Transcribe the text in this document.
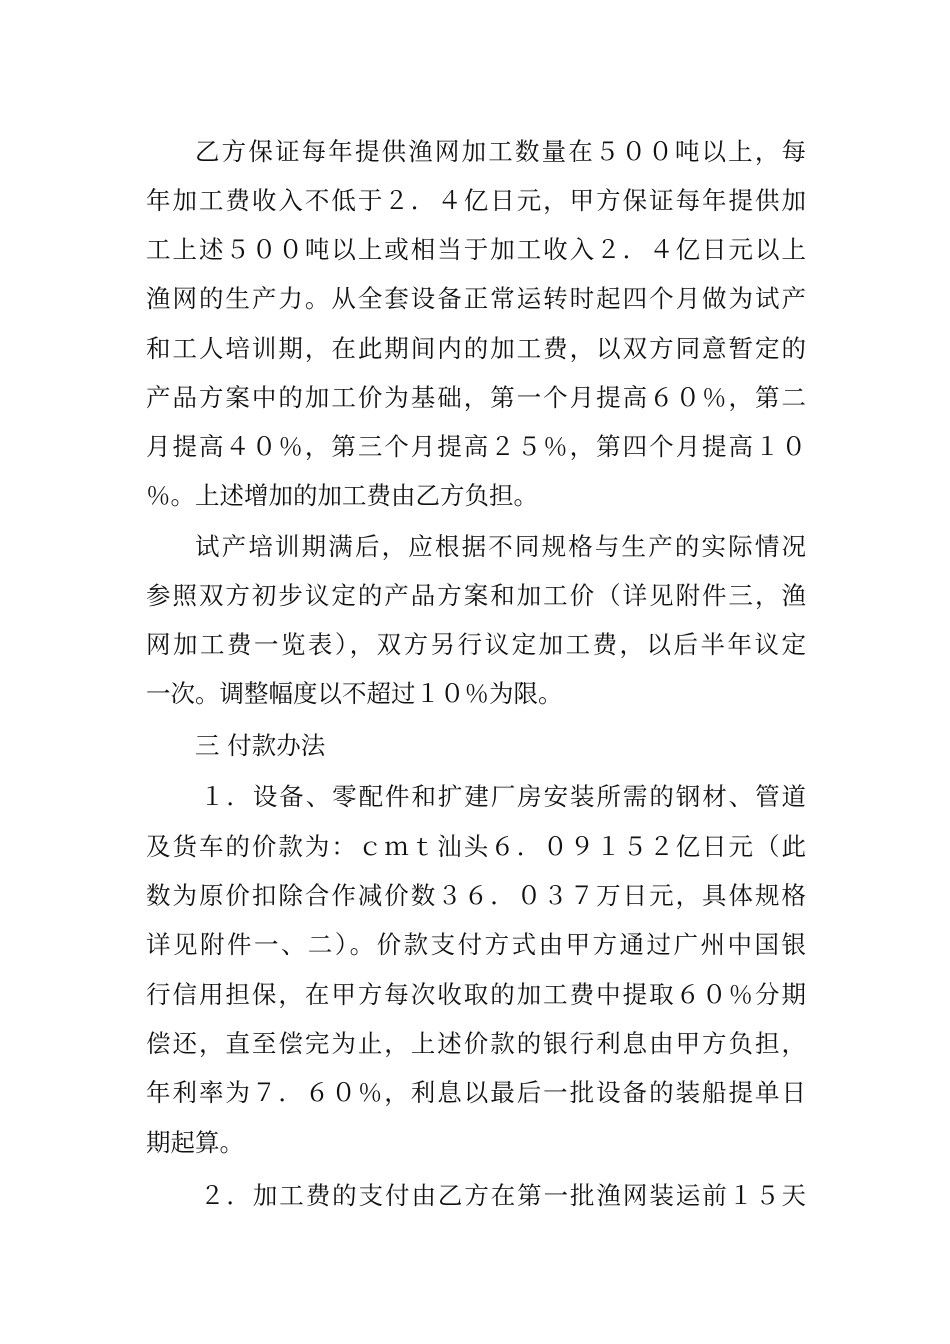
乙方保证每年提供渔网加工数量在５００吨以上，每

年加工费收入不低于２．４亿日元，甲方保证每年提供加

工上述５００吨以上或相当于加工收入２．４亿日元以上

渔网的生产力。从全套设备正常运转时起四个月做为试产

和工人培训期，在此期间内的加工费，以双方同意暂定的

产品方案中的加工价为基础，第一个月提高６０％，第二

月提高４０％，第三个月提高２５％，第四个月提高１０

％。上述增加的加工费由乙方负担。

试产培训期满后，应根据不同规格与生产的实际情况

参照双方初步议定的产品方案和加工价（详见附件三，渔

网加工费一览表），双方另行议定加工费，以后半年议定

一次。调整幅度以不超过１０％为限。

三 付款办法

１．设备、零配件和扩建厂房安装所需的钢材、管道

及货车的价款为：ｃｍｔ汕头６．０９１５２亿日元（此

数为原价扣除合作减价数３６．０３７万日元，具体规格

详见附件一、二）。价款支付方式由甲方通过广州中国银

行信用担保，在甲方每次收取的加工费中提取６０％分期

偿还，直至偿完为止，上述价款的银行利息由甲方负担，

年利率为７．６０％，利息以最后一批设备的装船提单日

期起算。

２．加工费的支付由乙方在第一批渔网装运前１５天
